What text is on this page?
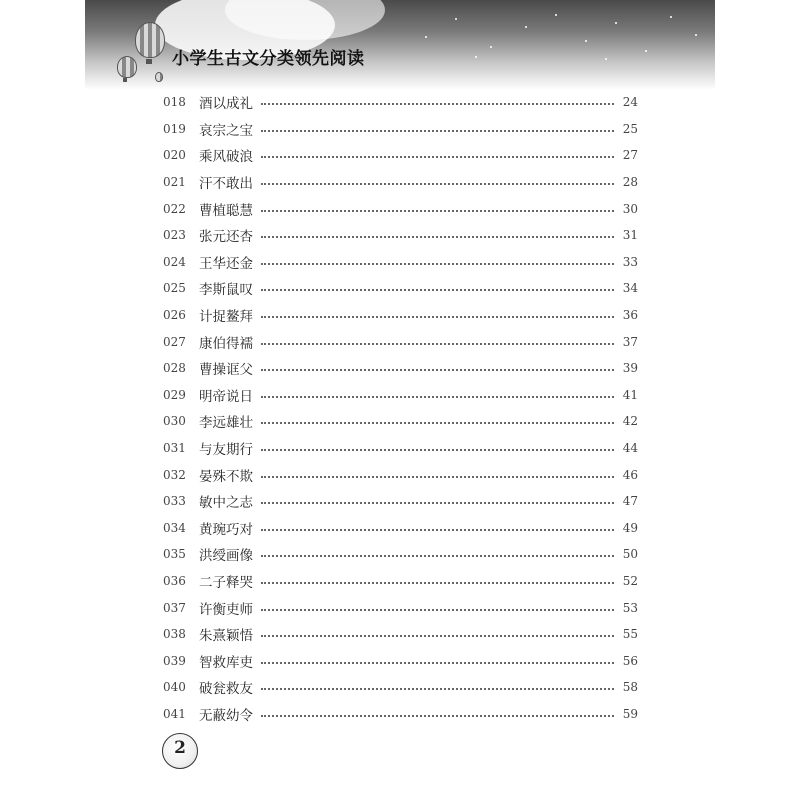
小学生古文分类领先阅读
018 酒以成礼	24
019 哀宗之宝	25
020 乘风破浪	27
021 汗不敢出	28
022 曹植聪慧	30
023 张元还杏	31
024 王华还金	33
025 李斯鼠叹	34
026 计捉鳌拜	36
027 康伯得襦	37
028 曹操诓父	39
029 明帝说日	41
030 李远雄壮	42
031 与友期行	44
032 晏殊不欺	46
033 敏中之志	47
034 黄琬巧对	49
035 洪绶画像	50
036 二子释哭	52
037 许衡吏师	53
038 朱熹颖悟	55
039 智救库吏	56
040 破瓮救友	58
041 无蔽幼令	59
2
